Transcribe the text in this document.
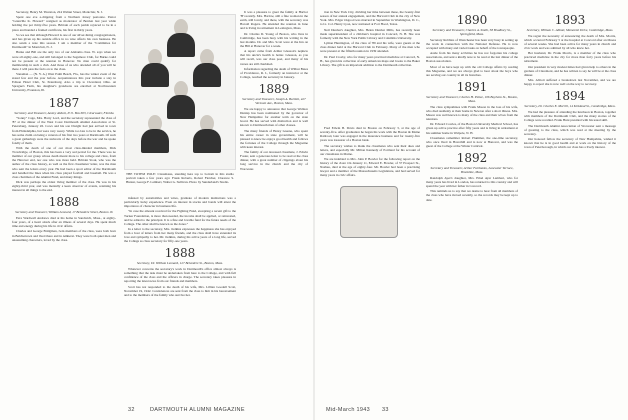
Secretary, Henry M. Thurston, 224 Walnut Street, Montclair, N. J.

Spent one eve a-dripping from a Northern Jersey pastorate. Pastor "Granville K. Howard" resigned as moderator of Berrien last year while holding the pot thirty-five years. Brittain of each parish rejoiced to be in a place and handed a framed certificate, his first in thirty years.

So we see that although Howard is one of our silver-lining congregationers, and has given up his outside office in no wise affects his own business. He also sends a note this season. I am a member of the "Committee for Dartmouth" in Montclair, N. J.

Burke and Bill are the only two of our Alabama class. W. says when we were all eighty-one, and still belonged to the Sagamore Club, for Burke could not be present at the reunion in Hanover. No man could qualify for membership in such a club. And those of us who attended all of you will be there. I will pass the facts on to the class.

Vanaman — (N. Y. A.) West Palm Beach, Fla., has the winter event of the stated few and the year before. Acquaintances this year include a stay in Edison Hotel Club, St. Petersburg. Also a trip to Cleveland, Ohio. At Sprague's Farm, his daughter's grandsons are enrolled at Northwestern University, Evanston, Ill.

1887

Secretary and Treasurer, Ansley Abbott, P. O. Box 603, Clearwater, Florida

"Sonny" Cage, Mrs. Harry Lord, and the secretary represented the class of '87 at the dinner of the West Coast Dartmouth Alumni Association at St. Petersburg, January 26. Cows and his son Dwight had just arrived in town from Philadelphia, but were very weary. While too late to be in the service, he has some claim on being a veteran of his first two years at Dartmouth. Of such a great gatherings were the stalwarts of the days before the war and he spoke fondly of them.

With the death of one of our most class-minded members, Dick Trowbridge, of Boston, this has been a very sad period for me. There was no member of our group whose death meant more to his college and class, from the Hanover end, nor one who was more held. Brittain Stout, who was the author of the class history, as well as the first classmates' letter, was the man who sent the letters every year. He had been a sport editor of the Dartmouth and handled the lines when his class played football and baseball. He was a class chairman of the Alumni Fund, and many things.

Dick was perhaps the oldest living member of the class. He was in his eighty-third year, and was mentally a keen observer of events, retaining his interest in all things to the end.

1888

Secretary and Treasurer, William Leonard, 17 Belvedere Street, Boston 16

Ezra Wardwell Andrews died at his home in Sandwich, Mass., at eighty-four years, of a heart attack after an illness of several days. He spent much time and energy during his life in civic affairs.

Charles and George Bridgman, twin members of the class, were both born in Belchertown and lived there and in Amherst. They were both quiet men and unassuming characters, loved by the class.

THE TOTEM POLE: Classmates, standing here top to bottom in this studio portrait taken a few years ago: Frank Roberts, Robert Fletcher, Clarence S. Hunter, George F. Lambert, Walter G. Sullivan. Photo by Sunderland's Studio.

infested by automobiles and wires, graduate of modern institutions was a particularly lucky experience. Even an interest in stocks and bonds will attest the importance of character in business life.

"In case the amount received for the Fighting Fund, excepting a recent gift to the Tucker Foundation, is more than needed, the income shall be applied, or reinvested, and be added to the principal. It is a fine and lovable fund for the future needs of the College. The other shall be known as the donor."

In a letter to the secretary, Mrs. Judkins expresses the happiness she has enjoyed from a host of letters from her many friends, and the class shall have extended its love and sympathy to her. Mr. Judkins, during his active years of a long life, served the College as class secretary for fifty-one years.

1888

Secretary, Dr. William Leonard, 127 Belvedere St., Boston, Mass.

Whatever concerns the secretary's work in Dartmouth's office almost always is something that the task must be undertaken from here to the College, and with full confidence of the class and the officers in charge. The secretary takes pleasure in reporting the latest news from our friends and members.

Scott has not responded to the death of his wife, Mrs. Lillian Goodell Scott, November 19, 1942. Condolences are sent from the class to him in his bereavement and to the members of the family who survive her.

It was a pleasure to greet the family at Harbor 'H' recently. Mrs. Harlow, still a fine woman in the earth, still lovely, and there, with the secretary was Harold Rogers. He attended the reunion in June and is living in retirement in Lexington, Mass.

Dr. Charles D. Young of Boston, who lives in Cambridge, has been busy with his writing in the last months. Dr. and Mrs. Scott were at the Inn on the Hill at Hanover for a week.

A report came from Arthur Gleason's nephew that his uncle's health is better. Gleason, as you will recall, was our class poet, and many of his verses are still cherished.

Information regarding the death of Wilbur Bates of Providence, R. I., formerly an instructor at the College, reached the secretary in January.

1889

Secretary and Treasurer, Joseph A. Bartlett, 427 Vermont Ave., Boston, Mass.

We are happy to announce that George Wallace Dunlap has been nominated by the governor of New Hampshire for another term on the state board. He has served with distinction and is well known to Dartmouth men of other classes.

The many friends of Henry Greene, who spent his entire career in state government, will be pleased to know he enjoys good health and follows the fortunes of the College through the Magazine with keen interest.

The family of our deceased classmate, J. Edwin Foster, sent a generous letter to be read at the class dinner, with a great number of clippings about his long service in the church and the city of Worcester.

tion in New York City, dividing her time between these, the twenty-first season of her annual engagement, and the Harvard Club in the city of New York. Mrs. Edgar Osgood was married in September in Washington, D. C., to Lt. Col. Henry Lyon, now stationed at Fort Hood, Texas.

Neil Dunbar's daughter, Mrs. Helen Dunbar Mills, has recently been made superintendent of a children's hospital in Concord, N. H. She was formerly with the New York Public Library and Columbia University.

Lyman Huntington, of the class of '89 and his wife, were guests at the class dinner held at the Harvard Club in February. Many of the men who were present at the fiftieth reunion in 1939 attended.

Dr. Paul Crosby, who for many years practiced medicine at Concord, N. H., has given his collection of early American maps and books to the Baker Library. The gift is an important addition to the Dartmouth collection.

Fred Edwin B. Davis died in Boston on February 3, at the age of seventy-five. After graduation he began his work with the Boston & Maine Railroad, later was engaged in the insurance business and for twenty-five years was treasurer of a Boston bank.

The secretary wishes to thank the classmates who sent their dues and letters, and especially Mr. Milton Kennedy of Portland for his account of our classmates in Maine.

We are indebted to Mrs. John P. Bowler for the following report on the history of the class: On January 11, Edward E. Bowler, of 37 Prospect St., Nashua, died at the age of eighty-four. Mr. Bowler had been a practising lawyer and a member of the Massachusetts Legislature, and had served for many years in civic affairs.

1890

Secretary and Treasurer, Charles A. Smith, 58 Bradbury St., Springfield, Mass.

Secretary Robbins of Westchester has been very busy in setting up the work in connection with the National Defense. He is now occupied with many and varied tasks on behalf of the townspeople.

Aside from his many activities he has not forgotten his college associations, and sent a kindly note to be read at the last dinner of the Boston association.

Most of us have kept up with the old College affairs by reading this Magazine, and we are always glad to hear about the boys who are serving our country in all its branches.

1891

Secretary and Treasurer, Charles H. Pettee, 106 Boylston St., Boston, Mass.

The class sympathizes with Frank Mason in the loss of his wife, who died suddenly at their home in Newton after a short illness. Mrs. Mason was well known to many of the class and their wives from the reunions.

Dr. Edward Cowles, of the Boston University Medical School, has given up active practice after fifty years and is living in retirement at his summer home in Walpole, N. H.

Classmates remember Robert Plummer, the one-time secretary, who once lived in Haverhill and is now at Hanover, and was the guest of the College at the Winter Carnival.

1892

Secretary and Treasurer, Arthur Fairbanks, Lancaster Terrace, Brookline, Mass.

Randolph Ayer's daughter, Mrs. Ethel Ayer Lambert, who for many years has lived in London, has returned to this country and will spend the year with her father in Concord.

This reminds us to say that we desire to hear from all members of the class who have moved recently, so the records may be kept up to date.

1893

Secretary, William C. Abbott, Memorial Drive, Cambridge, Mass.

We regret the necessity of announcing the death of Mrs. Morris, which occurred February 5 at the hospital at Concord after an illness of several weeks. She had been active for many years in church and civic work and was admired by all who knew her.

Her husband, Dr. Frank Morris, is a member of the class who practiced medicine in the city for more than forty years before his retirement.

Our president in very modest times had given help to others in the gardens of Claremont, and he has written to say he will be at the class dinner.

Mrs. Abbott suffered a breakdown last November, and we are happy to report she is now well on the way to recovery.

1894

Secretary, Dr. Charles E. Morrill, 14 Kirkland St., Cambridge, Mass.

We had the pleasure of attending the luncheon in Boston, together with members of the Dartmouth Club, and the many stories of the College were recalled. Frank Hunt presided with his usual skill.

The Dartmouth Alumni Association of Worcester sent a message of greeting to the class, which was read at the meeting by the secretary.

Our honored fellow the secretary of New Hampshire, wished it known that he is in good health and at work on the history of the town of Peterborough, in which our class has a lively interest.

32	DARTMOUTH ALUMNI MAGAZINE	Mid-March 1943 33
